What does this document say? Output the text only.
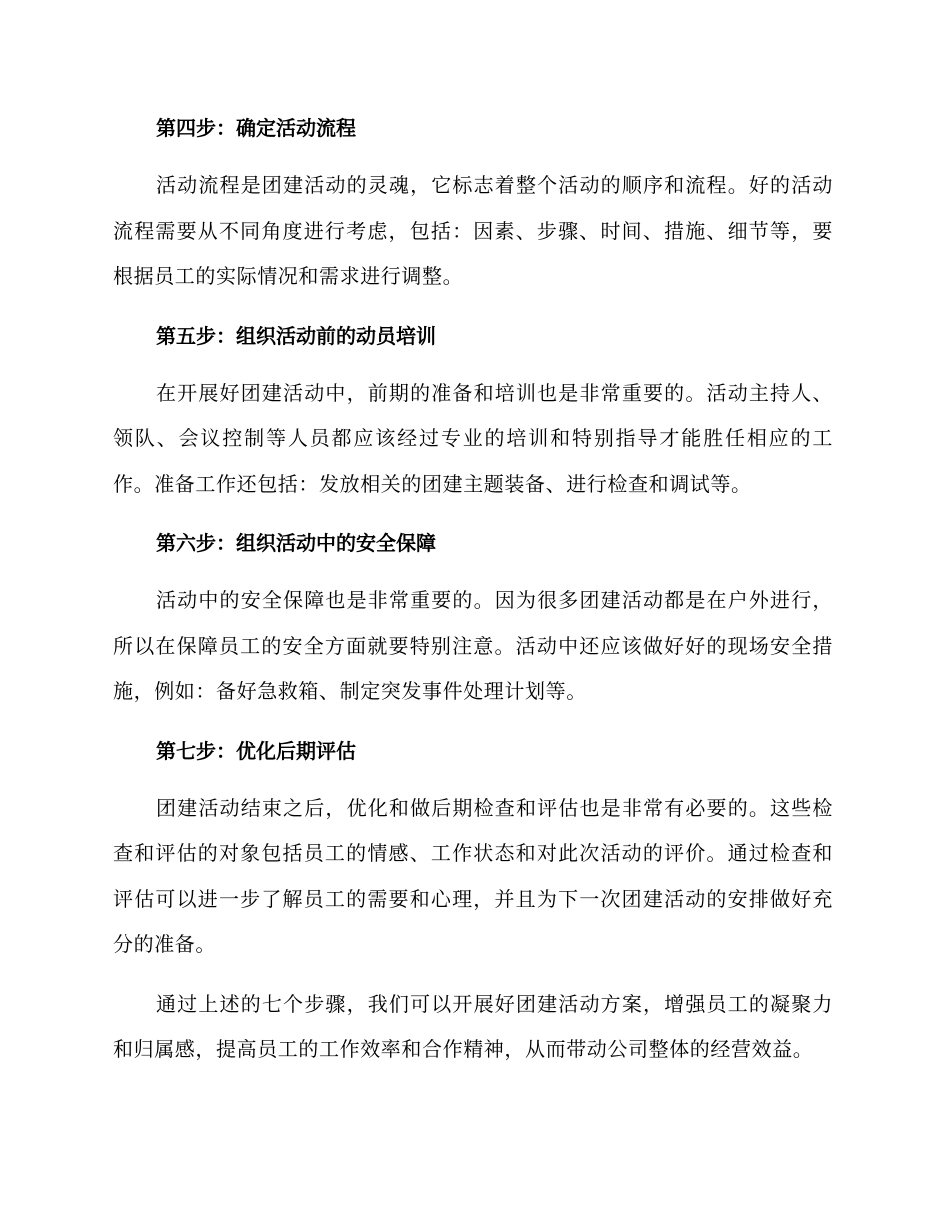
第四步：确定活动流程

活动流程是团建活动的灵魂，它标志着整个活动的顺序和流程。好的活动流程需要从不同角度进行考虑，包括：因素、步骤、时间、措施、细节等，要根据员工的实际情况和需求进行调整。

第五步：组织活动前的动员培训

在开展好团建活动中，前期的准备和培训也是非常重要的。活动主持人、领队、会议控制等人员都应该经过专业的培训和特别指导才能胜任相应的工作。准备工作还包括：发放相关的团建主题装备、进行检查和调试等。

第六步：组织活动中的安全保障

活动中的安全保障也是非常重要的。因为很多团建活动都是在户外进行，所以在保障员工的安全方面就要特别注意。活动中还应该做好好的现场安全措施，例如：备好急救箱、制定突发事件处理计划等。

第七步：优化后期评估

团建活动结束之后，优化和做后期检查和评估也是非常有必要的。这些检查和评估的对象包括员工的情感、工作状态和对此次活动的评价。通过检查和评估可以进一步了解员工的需要和心理，并且为下一次团建活动的安排做好充分的准备。

通过上述的七个步骤，我们可以开展好团建活动方案，增强员工的凝聚力和归属感，提高员工的工作效率和合作精神，从而带动公司整体的经营效益。
